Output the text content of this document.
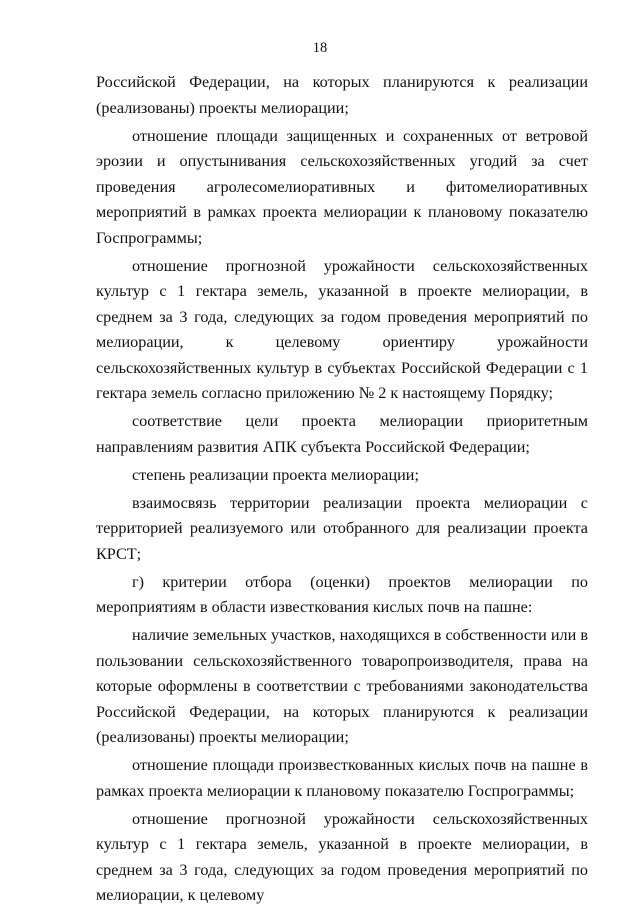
18

Российской Федерации, на которых планируются к реализации (реализованы) проекты мелиорации;

отношение площади защищенных и сохраненных от ветровой эрозии и опустынивания сельскохозяйственных угодий за счет проведения агролесомелиоративных и фитомелиоративных мероприятий в рамках проекта мелиорации к плановому показателю Госпрограммы;

отношение прогнозной урожайности сельскохозяйственных культур с 1 гектара земель, указанной в проекте мелиорации, в среднем за 3 года, следующих за годом проведения мероприятий по мелиорации, к целевому ориентиру урожайности сельскохозяйственных культур в субъектах Российской Федерации с 1 гектара земель согласно приложению № 2 к настоящему Порядку;

соответствие цели проекта мелиорации приоритетным направлениям развития АПК субъекта Российской Федерации;

степень реализации проекта мелиорации;

взаимосвязь территории реализации проекта мелиорации с территорией реализуемого или отобранного для реализации проекта КРСТ;

г) критерии отбора (оценки) проектов мелиорации по мероприятиям в области известкования кислых почв на пашне:

наличие земельных участков, находящихся в собственности или в пользовании сельскохозяйственного товаропроизводителя, права на которые оформлены в соответствии с требованиями законодательства Российской Федерации, на которых планируются к реализации (реализованы) проекты мелиорации;

отношение площади произвесткованных кислых почв на пашне в рамках проекта мелиорации к плановому показателю Госпрограммы;

отношение прогнозной урожайности сельскохозяйственных культур с 1 гектара земель, указанной в проекте мелиорации, в среднем за 3 года, следующих за годом проведения мероприятий по мелиорации, к целевому
